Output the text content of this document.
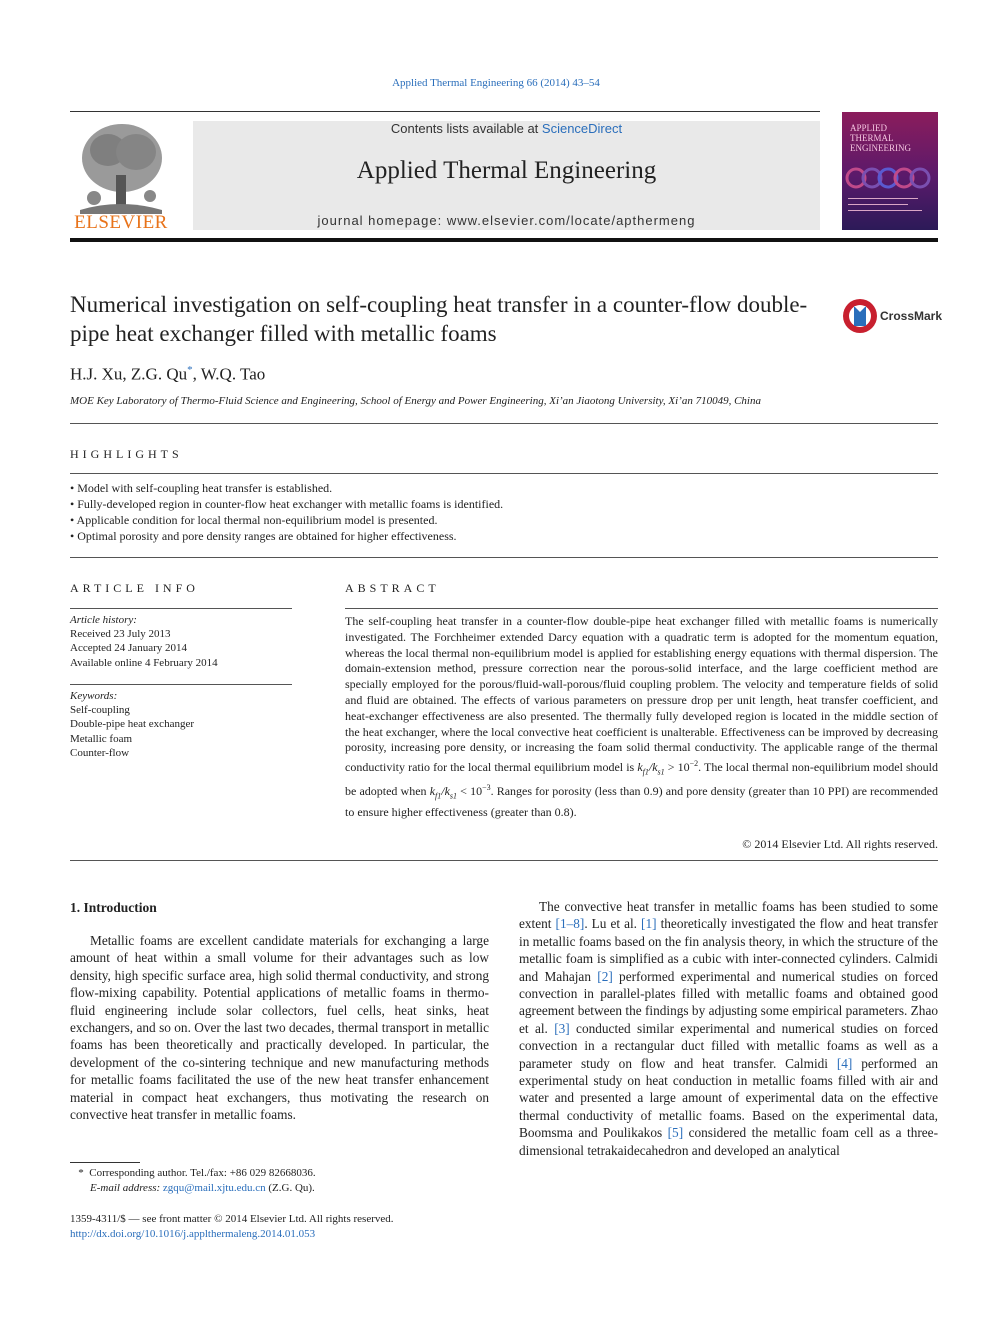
Applied Thermal Engineering 66 (2014) 43–54
ELSEVIER
Contents lists available at ScienceDirect
Applied Thermal Engineering
journal homepage: www.elsevier.com/locate/apthermeng
APPLIED
THERMAL
ENGINEERING
Numerical investigation on self-coupling heat transfer in a counter-flow double-pipe heat exchanger filled with metallic foams
CrossMark
H.J. Xu, Z.G. Qu*, W.Q. Tao
MOE Key Laboratory of Thermo-Fluid Science and Engineering, School of Energy and Power Engineering, Xi’an Jiaotong University, Xi’an 710049, China
HIGHLIGHTS
• Model with self-coupling heat transfer is established.
• Fully-developed region in counter-flow heat exchanger with metallic foams is identified.
• Applicable condition for local thermal non-equilibrium model is presented.
• Optimal porosity and pore density ranges are obtained for higher effectiveness.
ARTICLE INFO
Article history:
Received 23 July 2013
Accepted 24 January 2014
Available online 4 February 2014
Keywords:
Self-coupling
Double-pipe heat exchanger
Metallic foam
Counter-flow
ABSTRACT
The self-coupling heat transfer in a counter-flow double-pipe heat exchanger filled with metallic foams is numerically investigated. The Forchheimer extended Darcy equation with a quadratic term is adopted for the momentum equation, whereas the local thermal non-equilibrium model is applied for establishing energy equations with thermal dispersion. The domain-extension method, pressure correction near the porous-solid interface, and the large coefficient method are specially employed for the porous/fluid-wall-porous/fluid coupling problem. The velocity and temperature fields of solid and fluid are obtained. The effects of various parameters on pressure drop per unit length, heat transfer coefficient, and heat-exchanger effectiveness are also presented. The thermally fully developed region is located in the middle section of the heat exchanger, where the local convective heat coefficient is unalterable. Effectiveness can be improved by decreasing porosity, increasing pore density, or increasing the foam solid thermal conductivity. The applicable range of the thermal conductivity ratio for the local thermal equilibrium model is $k_{f1}/k_{s1} > 10^{-2}$. The local thermal non-equilibrium model should be adopted when $k_{f1}/k_{s1} < 10^{-3}$. Ranges for porosity (less than 0.9) and pore density (greater than 10 PPI) are recommended to ensure higher effectiveness (greater than 0.8).
© 2014 Elsevier Ltd. All rights reserved.
1. Introduction

Metallic foams are excellent candidate materials for exchanging a large amount of heat within a small volume for their advantages such as low density, high specific surface area, high solid thermal conductivity, and strong flow-mixing capability. Potential applications of metallic foams in thermo-fluid engineering include solar collectors, fuel cells, heat sinks, heat exchangers, and so on. Over the last two decades, thermal transport in metallic foams has been theoretically and practically developed. In particular, the development of the co-sintering technique and new manufacturing methods for metallic foams facilitated the use of the new heat transfer enhancement material in compact heat exchangers, thus motivating the research on convective heat transfer in metallic foams.

The convective heat transfer in metallic foams has been studied to some extent [1–8]. Lu et al. [1] theoretically investigated the flow and heat transfer in metallic foams based on the fin analysis theory, in which the structure of the metallic foam is simplified as a cubic with inter-connected cylinders. Calmidi and Mahajan [2] performed experimental and numerical studies on forced convection in parallel-plates filled with metallic foams and obtained good agreement between the findings by adjusting some empirical parameters. Zhao et al. [3] conducted similar experimental and numerical studies on forced convection in a rectangular duct filled with metallic foams as well as a parameter study on flow and heat transfer. Calmidi [4] performed an experimental study on heat conduction in metallic foams filled with air and water and presented a large amount of experimental data on the effective thermal conductivity of metallic foams. Based on the experimental data, Boomsma and Poulikakos [5] considered the metallic foam cell as a three-dimensional tetrakaidecahedron and developed an analytical

* Corresponding author. Tel./fax: +86 029 82668036.
E-mail address: zgqu@mail.xjtu.edu.cn (Z.G. Qu).
1359-4311/$ — see front matter © 2014 Elsevier Ltd. All rights reserved.
http://dx.doi.org/10.1016/j.applthermaleng.2014.01.053
